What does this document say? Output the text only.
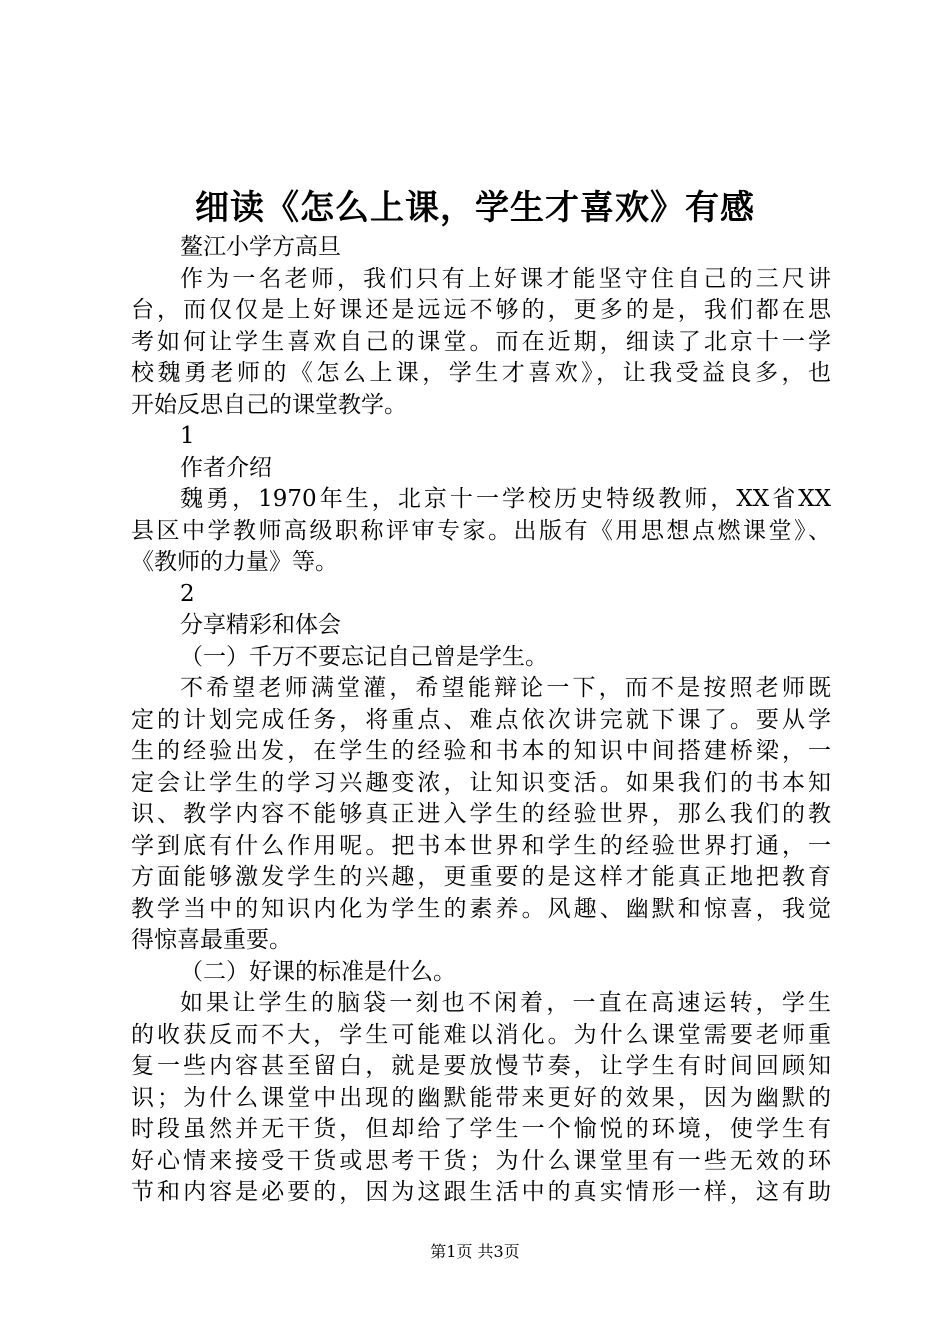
细读《怎么上课，学生才喜欢》有感
鳌江小学方高旦
作为一名老师，我们只有上好课才能坚守住自己的三尺讲
台，而仅仅是上好课还是远远不够的，更多的是，我们都在思
考如何让学生喜欢自己的课堂。而在近期，细读了北京十一学
校魏勇老师的《怎么上课，学生才喜欢》，让我受益良多，也
开始反思自己的课堂教学。
1
作者介绍
魏勇，1970年生，北京十一学校历史特级教师，XX省XX
县区中学教师高级职称评审专家。出版有《用思想点燃课堂》、
《教师的力量》等。
2
分享精彩和体会
（一）千万不要忘记自己曾是学生。
不希望老师满堂灌，希望能辩论一下，而不是按照老师既
定的计划完成任务，将重点、难点依次讲完就下课了。要从学
生的经验出发，在学生的经验和书本的知识中间搭建桥梁，一
定会让学生的学习兴趣变浓，让知识变活。如果我们的书本知
识、教学内容不能够真正进入学生的经验世界，那么我们的教
学到底有什么作用呢。把书本世界和学生的经验世界打通，一
方面能够激发学生的兴趣，更重要的是这样才能真正地把教育
教学当中的知识内化为学生的素养。风趣、幽默和惊喜，我觉
得惊喜最重要。
（二）好课的标准是什么。
如果让学生的脑袋一刻也不闲着，一直在高速运转，学生
的收获反而不大，学生可能难以消化。为什么课堂需要老师重
复一些内容甚至留白，就是要放慢节奏，让学生有时间回顾知
识；为什么课堂中出现的幽默能带来更好的效果，因为幽默的
时段虽然并无干货，但却给了学生一个愉悦的环境，使学生有
好心情来接受干货或思考干货；为什么课堂里有一些无效的环
节和内容是必要的，因为这跟生活中的真实情形一样，这有助
第1页 共3页
